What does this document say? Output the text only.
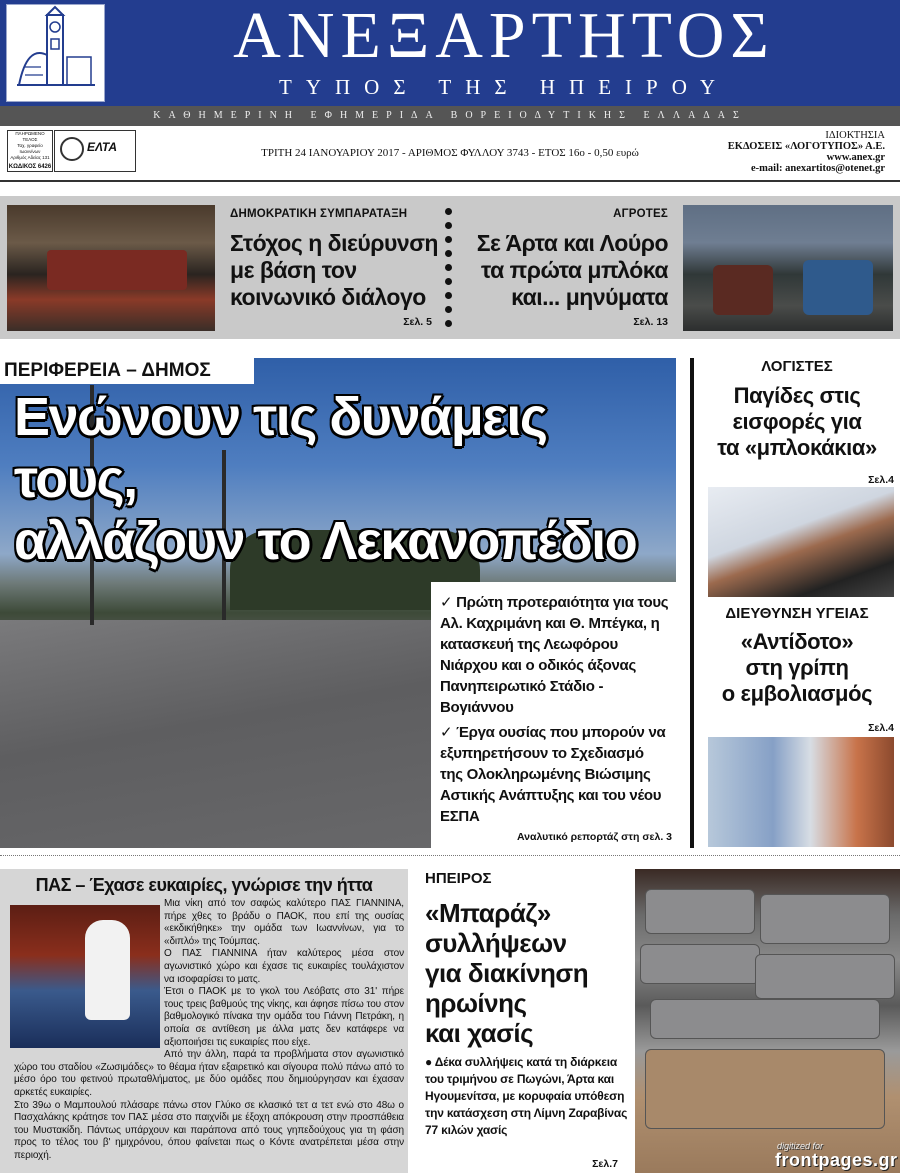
ΑΝΕΞΑΡΤΗΤΟΣ
ΤΥΠΟΣ ΤΗΣ ΗΠΕΙΡΟΥ
ΚΑΘΗΜΕΡΙΝΗ ΕΦΗΜΕΡΙΔΑ ΒΟΡΕΙΟΔΥΤΙΚΗΣ ΕΛΛΑΔΑΣ
ΠΛΗΡΩΜΕΝΟ ΤΕΛΟΣ
Ταχ. γραφείο Ιωαννίνων
Αριθμός Αδείας 131
ΚΩΔΙΚΟΣ 6426
ΕΛΤΑ	ΤΡΙΤΗ 24 ΙΑΝΟΥΑΡΙΟΥ 2017 - ΑΡΙΘΜΟΣ ΦΥΛΛΟΥ 3743 - ΕΤΟΣ 16ο - 0,50 ευρώ
ΙΔΙΟΚΤΗΣΙΑ
ΕΚΔΟΣΕΙΣ «ΛΟΓΟΤΥΠΟΣ» Α.Ε.
www.anex.gr
e-mail: anexartitos@otenet.gr
ΔΗΜΟΚΡΑΤΙΚΗ ΣΥΜΠΑΡΑΤΑΞΗ
Στόχος η διεύρυνση
με βάση τον
κοινωνικό διάλογο
Σελ. 5
ΑΓΡΟΤΕΣ
Σε Άρτα και Λούρο
τα πρώτα μπλόκα
και... μηνύματα
Σελ. 13
ΠΕΡΙΦΕΡΕΙΑ – ΔΗΜΟΣ
Ενώνουν τις δυνάμεις τους,
αλλάζουν το Λεκανοπέδιο
✓ Πρώτη προτεραιότητα για τους Αλ. Καχριμάνη και Θ. Μπέγκα, η κατασκευή της Λεωφόρου Νιάρχου και ο οδικός άξονας Πανηπειρωτικό Στάδιο - Βογιάννου
✓ Έργα ουσίας που μπορούν να εξυπηρετήσουν το Σχεδιασμό της Ολοκληρωμένης Βιώσιμης Αστικής Ανάπτυξης και του νέου ΕΣΠΑ
Αναλυτικό ρεπορτάζ στη σελ. 3
ΛΟΓΙΣΤΕΣ
Παγίδες στις
εισφορές για
τα «μπλοκάκια»
Σελ.4
ΔΙΕΥΘΥΝΣΗ ΥΓΕΙΑΣ
«Αντίδοτο»
στη γρίπη
ο εμβολιασμός
Σελ.4
ΠΑΣ – Έχασε ευκαιρίες, γνώρισε την ήττα

Μια νίκη από τον σαφώς καλύτερο ΠΑΣ ΓΙΑΝΝΙΝΑ, πήρε χθες το βράδυ ο ΠΑΟΚ, που επί της ουσίας «εκδικήθηκε» την ομάδα των Ιωαννίνων, για το «διπλό» της Τούμπας.

Ο ΠΑΣ ΓΙΑΝΝΙΝΑ ήταν καλύτερος μέσα στον αγωνιστικό χώρο και έχασε τις ευκαιρίες τουλάχιστον να ισοφαρίσει το ματς.

Έτσι ο ΠΑΟΚ με το γκολ του Λεόβατς στο 31' πήρε τους τρεις βαθμούς της νίκης, και άφησε πίσω του στον βαθμολογικό πίνακα την ομάδα του Γιάννη Πετράκη, η οποία σε αντίθεση με άλλα ματς δεν κατάφερε να αξιοποιήσει τις ευκαιρίες που είχε.

Από την άλλη, παρά τα προβλήματα στον αγωνιστικό χώρο του σταδίου «Ζωσιμάδες» το θέαμα ήταν εξαιρετικό και σίγουρα πολύ πάνω από το μέσο όρο του φετινού πρωταθλήματος, με δύο ομάδες που δημιούργησαν και έχασαν αρκετές ευκαιρίες.

Στο 39ω ο Μαμπουλού πλάσαρε πάνω στον Γλύκο σε κλασικό τετ α τετ ενώ στο 48ω ο Πασχαλάκης κράτησε τον ΠΑΣ μέσα στο παιχνίδι με έξοχη απόκρουση στην προσπάθεια του Μυστακίδη. Πάντως υπάρχουν και παράπονα από τους γηπεδούχους για τη φάση προς το τέλος του β' ημιχρόνου, όπου φαίνεται πως ο Κόντε ανατρέπεται μέσα στην περιοχή.

ΗΠΕΙΡΟΣ
«Μπαράζ»
συλλήψεων
για διακίνηση
ηρωίνης
και χασίς
● Δέκα συλλήψεις κατά τη διάρκεια του τριμήνου σε Πωγώνι, Άρτα και Ηγουμενίτσα, με κορυφαία υπόθεση την κατάσχεση στη Λίμνη Ζαραβίνας 77 κιλών χασίς
Σελ.7
digitized for
frontpages.gr
